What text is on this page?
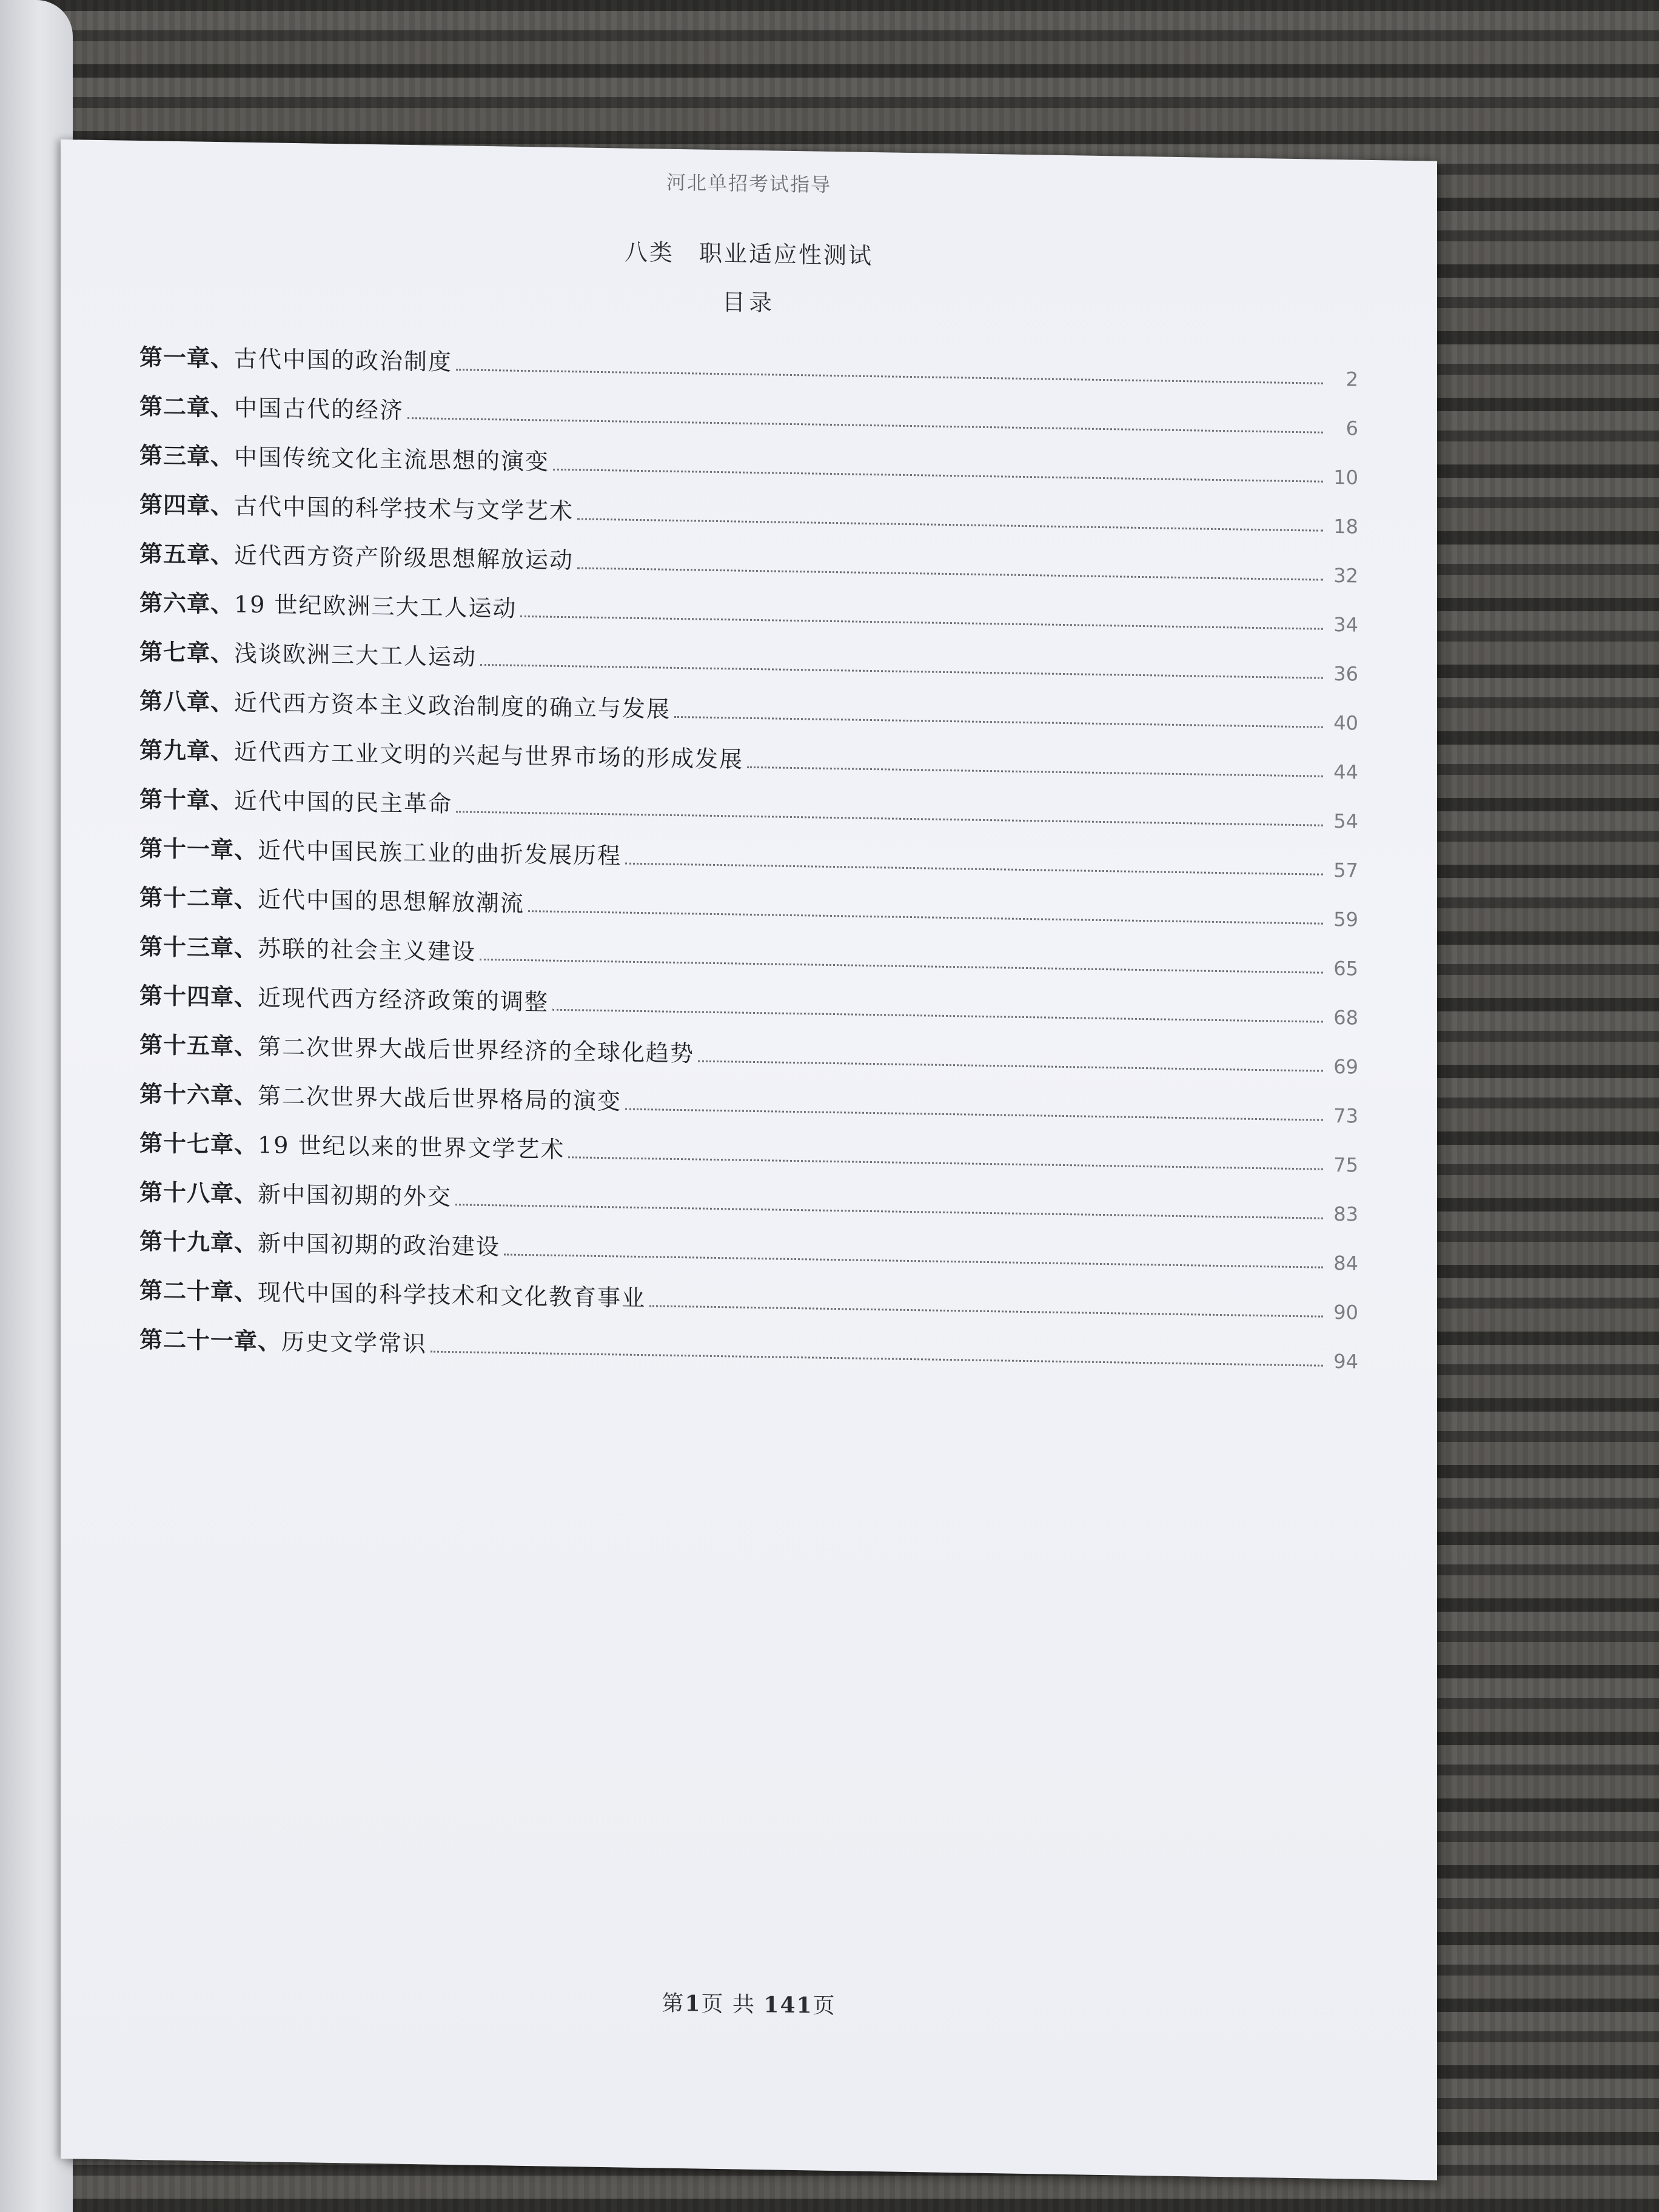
河北单招考试指导
八类　职业适应性测试
目录
第一章、 古代中国的政治制度
2
第二章、 中国古代的经济
6
第三章、 中国传统文化主流思想的演变
10
第四章、 古代中国的科学技术与文学艺术
18
第五章、 近代西方资产阶级思想解放运动
32
第六章、 19 世纪欧洲三大工人运动
34
第七章、 浅谈欧洲三大工人运动
36
第八章、 近代西方资本主义政治制度的确立与发展
40
第九章、 近代西方工业文明的兴起与世界市场的形成发展	44
第十章、 近代中国的民主革命
54
第十一章、 近代中国民族工业的曲折发展历程
57
第十二章、 近代中国的思想解放潮流
59
第十三章、 苏联的社会主义建设
65
第十四章、 近现代西方经济政策的调整
68
第十五章、 第二次世界大战后世界经济的全球化趋势	69
第十六章、 第二次世界大战后世界格局的演变
73
第十七章、 19 世纪以来的世界文学艺术
75
第十八章、 新中国初期的外交
83
第十九章、 新中国初期的政治建设
84
第二十章、 现代中国的科学技术和文化教育事业
90
第二十一章、 历史文学常识
94
第1页 共 141页
